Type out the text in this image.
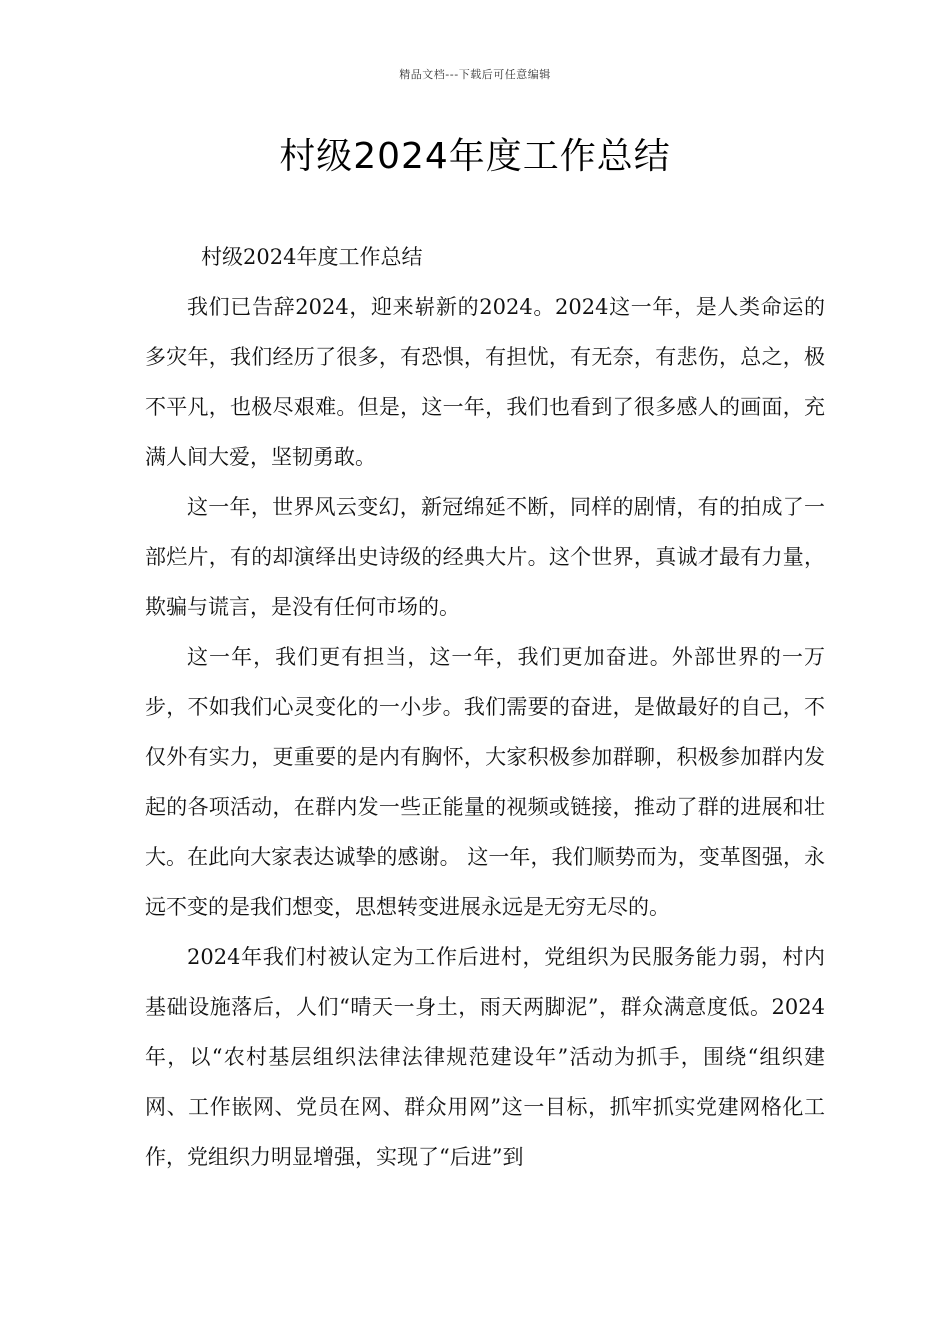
精品文档---下载后可任意编辑
村级2024年度工作总结

村级2024年度工作总结

我们已告辞2024，迎来崭新的2024。2024这一年，是人类命运的多灾年，我们经历了很多，有恐惧，有担忧，有无奈，有悲伤，总之，极不平凡，也极尽艰难。但是，这一年，我们也看到了很多感人的画面，充满人间大爱，坚韧勇敢。

这一年，世界风云变幻，新冠绵延不断，同样的剧情，有的拍成了一部烂片，有的却演绎出史诗级的经典大片。这个世界，真诚才最有力量，欺骗与谎言，是没有任何市场的。

这一年，我们更有担当，这一年，我们更加奋进。外部世界的一万步，不如我们心灵变化的一小步。我们需要的奋进，是做最好的自己，不仅外有实力，更重要的是内有胸怀，大家积极参加群聊，积极参加群内发起的各项活动，在群内发一些正能量的视频或链接，推动了群的进展和壮大。在此向大家表达诚挚的感谢。 这一年，我们顺势而为，变革图强，永远不变的是我们想变，思想转变进展永远是无穷无尽的。

2024年我们村被认定为工作后进村，党组织为民服务能力弱，村内基础设施落后，人们“晴天一身土，雨天两脚泥”，群众满意度低。2024年，以“农村基层组织法律法律规范建设年”活动为抓手，围绕“组织建网、工作嵌网、党员在网、群众用网”这一目标，抓牢抓实党建网格化工作，党组织力明显增强，实现了“后进”到
